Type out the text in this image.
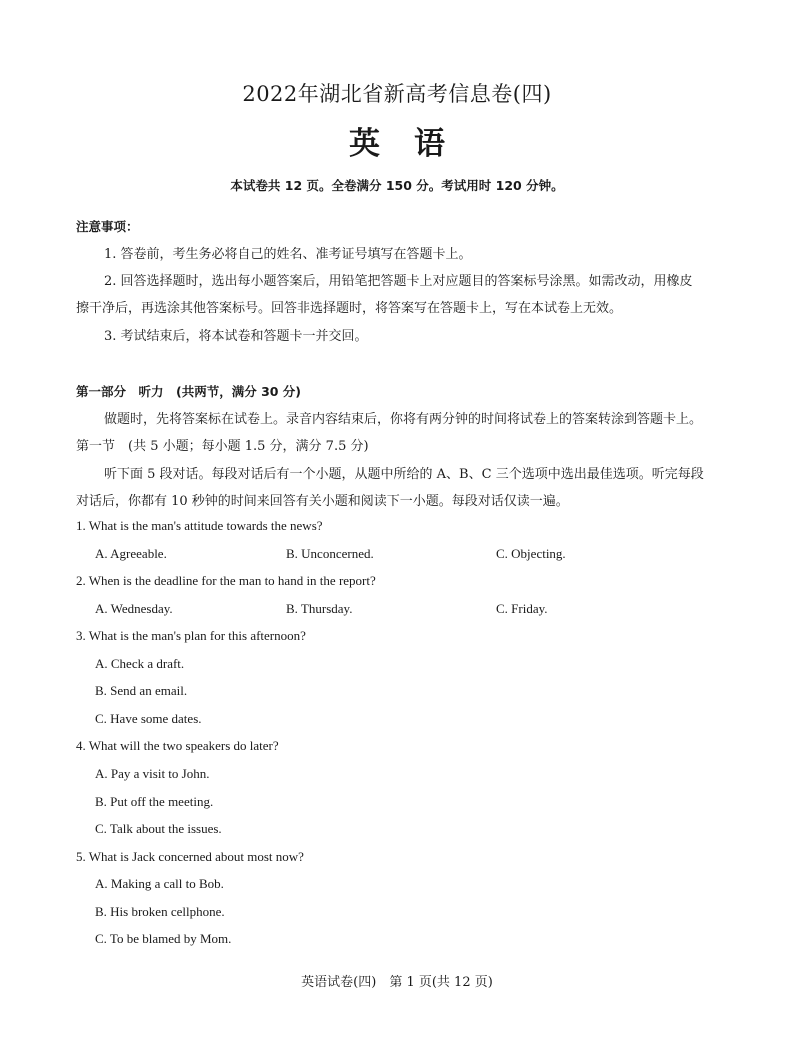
2022年湖北省新高考信息卷(四)
英语
本试卷共 12 页。全卷满分 150 分。考试用时 120 分钟。
注意事项：
1. 答卷前，考生务必将自己的姓名、准考证号填写在答题卡上。
2. 回答选择题时，选出每小题答案后，用铅笔把答题卡上对应题目的答案标号涂黑。如需改动，用橡皮
擦干净后，再选涂其他答案标号。回答非选择题时，将答案写在答题卡上，写在本试卷上无效。
3. 考试结束后，将本试卷和答题卡一并交回。
第一部分　听力　(共两节，满分 30 分)
做题时，先将答案标在试卷上。录音内容结束后，你将有两分钟的时间将试卷上的答案转涂到答题卡上。
第一节　(共 5 小题；每小题 1.5 分，满分 7.5 分)
听下面 5 段对话。每段对话后有一个小题，从题中所给的 A、B、C 三个选项中选出最佳选项。听完每段
对话后，你都有 10 秒钟的时间来回答有关小题和阅读下一小题。每段对话仅读一遍。
1. What is the man's attitude towards the news?
A. Agreeable.	B. Unconcerned.	C. Objecting.
2. When is the deadline for the man to hand in the report?
A. Wednesday.	B. Thursday.	C. Friday.
3. What is the man's plan for this afternoon?
A. Check a draft.
B. Send an email.
C. Have some dates.
4. What will the two speakers do later?
A. Pay a visit to John.
B. Put off the meeting.
C. Talk about the issues.
5. What is Jack concerned about most now?
A. Making a call to Bob.
B. His broken cellphone.
C. To be blamed by Mom.
英语试卷(四)　第 1 页(共 12 页)
